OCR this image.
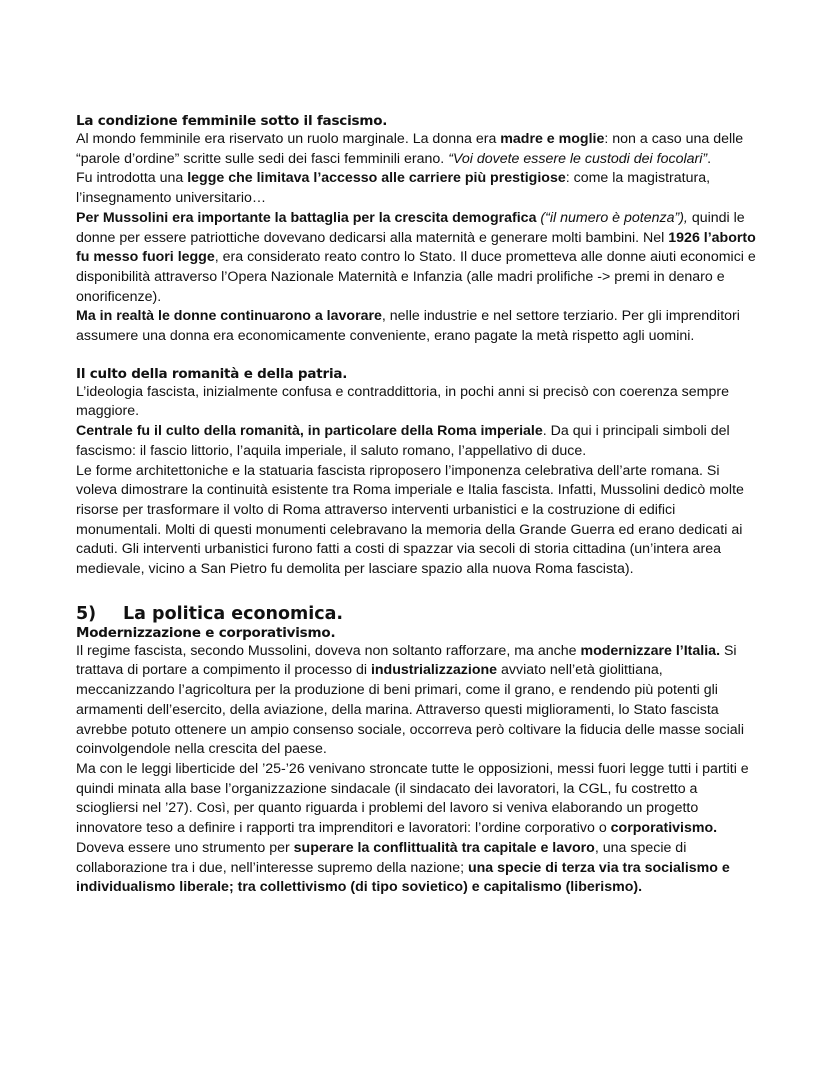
La condizione femminile sotto il fascismo.

Al mondo femminile era riservato un ruolo marginale. La donna era madre e moglie: non a caso una delle “parole d’ordine” scritte sulle sedi dei fasci femminili erano. “Voi dovete essere le custodi dei focolari”.

Fu introdotta una legge che limitava l’accesso alle carriere più prestigiose: come la magistratura, l’insegnamento universitario…

Per Mussolini era importante la battaglia per la crescita demografica (“il numero è potenza”), quindi le donne per essere patriottiche dovevano dedicarsi alla maternità e generare molti bambini. Nel 1926 l’aborto fu messo fuori legge, era considerato reato contro lo Stato. Il duce prometteva alle donne aiuti economici e disponibilità attraverso l’Opera Nazionale Maternità e Infanzia (alle madri prolifiche -> premi in denaro e onorificenze).

Ma in realtà le donne continuarono a lavorare, nelle industrie e nel settore terziario. Per gli imprenditori assumere una donna era economicamente conveniente, erano pagate la metà rispetto agli uomini.

Il culto della romanità e della patria.

L’ideologia fascista, inizialmente confusa e contraddittoria, in pochi anni si precisò con coerenza sempre maggiore.

Centrale fu il culto della romanità, in particolare della Roma imperiale. Da qui i principali simboli del fascismo: il fascio littorio, l’aquila imperiale, il saluto romano, l’appellativo di duce.

Le forme architettoniche e la statuaria fascista riproposero l’imponenza celebrativa dell’arte romana. Si voleva dimostrare la continuità esistente tra Roma imperiale e Italia fascista. Infatti, Mussolini dedicò molte risorse per trasformare il volto di Roma attraverso interventi urbanistici e la costruzione di edifici monumentali. Molti di questi monumenti celebravano la memoria della Grande Guerra ed erano dedicati ai caduti. Gli interventi urbanistici furono fatti a costi di spazzar via secoli di storia cittadina (un’intera area medievale, vicino a San Pietro fu demolita per lasciare spazio alla nuova Roma fascista).

5)	La politica economica.
Modernizzazione e corporativismo.

Il regime fascista, secondo Mussolini, doveva non soltanto rafforzare, ma anche modernizzare l’Italia. Si trattava di portare a compimento il processo di industrializzazione avviato nell’età giolittiana, meccanizzando l’agricoltura per la produzione di beni primari, come il grano, e rendendo più potenti gli armamenti dell’esercito, della aviazione, della marina. Attraverso questi miglioramenti, lo Stato fascista avrebbe potuto ottenere un ampio consenso sociale, occorreva però coltivare la fiducia delle masse sociali coinvolgendole nella crescita del paese.

Ma con le leggi liberticide del ’25-’26 venivano stroncate tutte le opposizioni, messi fuori legge tutti i partiti e quindi minata alla base l’organizzazione sindacale (il sindacato dei lavoratori, la CGL, fu costretto a sciogliersi nel ’27). Così, per quanto riguarda i problemi del lavoro si veniva elaborando un progetto innovatore teso a definire i rapporti tra imprenditori e lavoratori: l’ordine corporativo o corporativismo. Doveva essere uno strumento per superare la conflittualità tra capitale e lavoro, una specie di collaborazione tra i due, nell’interesse supremo della nazione; una specie di terza via tra socialismo e individualismo liberale; tra collettivismo (di tipo sovietico) e capitalismo (liberismo).
